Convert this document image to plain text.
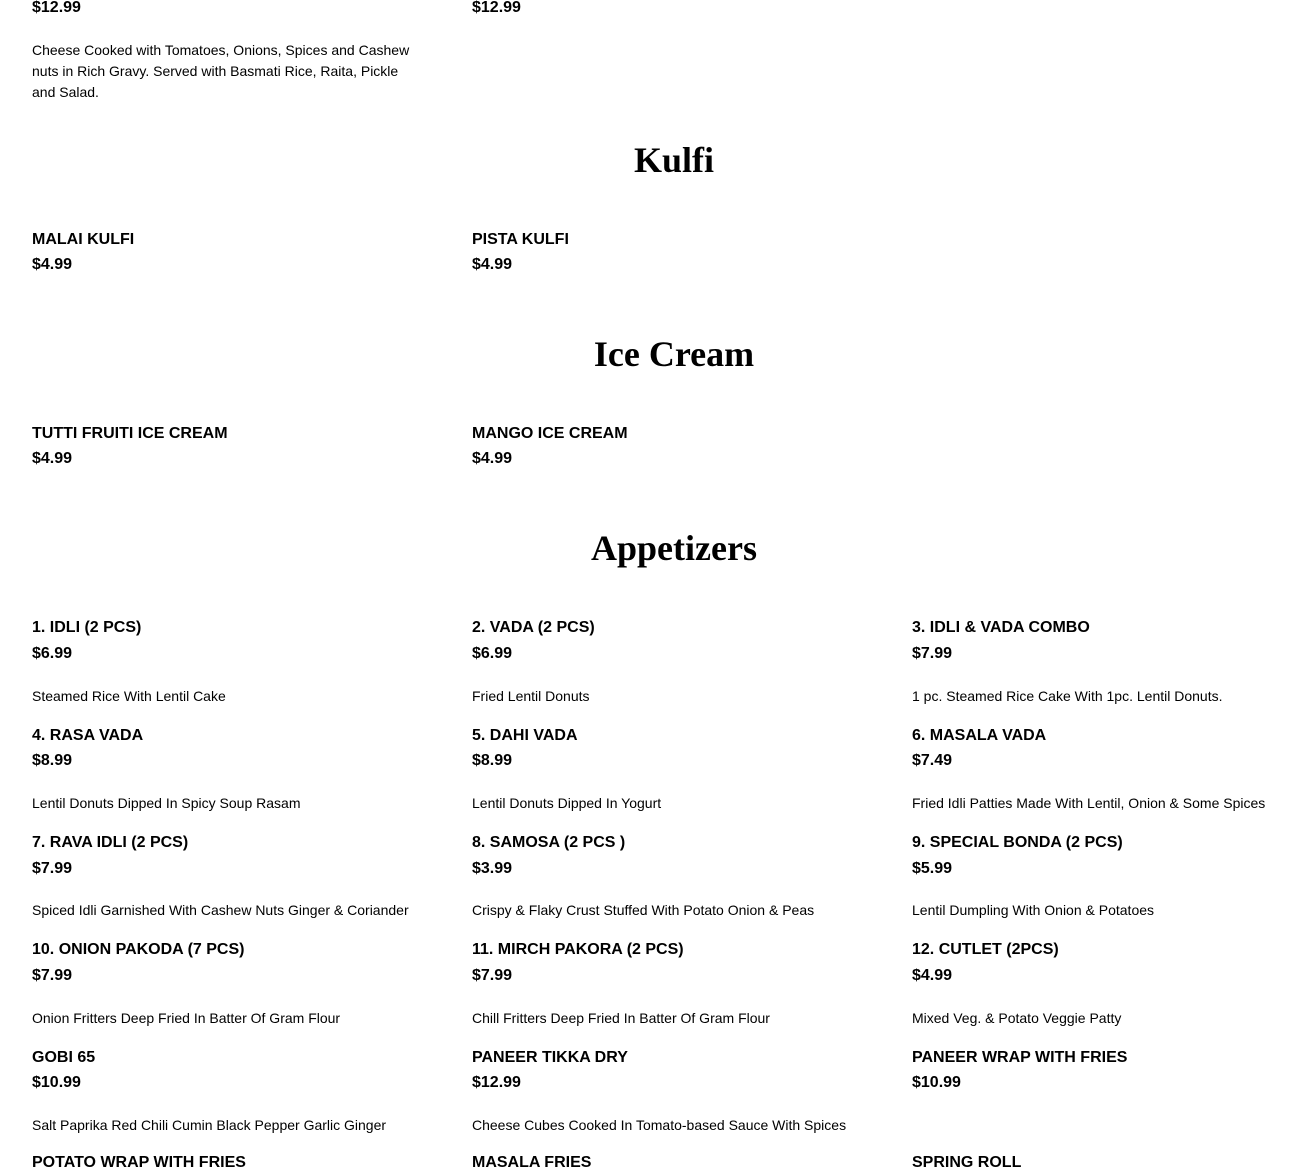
$12.99	$12.99
Cheese Cooked with Tomatoes, Onions, Spices and Cashew nuts in Rich Gravy. Served with Basmati Rice, Raita, Pickle and Salad.
Kulfi
MALAI KULFI
$4.99
PISTA KULFI
$4.99
Ice Cream
TUTTI FRUITI ICE CREAM
$4.99
MANGO ICE CREAM
$4.99
Appetizers
1. IDLI (2 PCS)
$6.99
Steamed Rice With Lentil Cake
2. VADA (2 PCS)
$6.99
Fried Lentil Donuts
3. IDLI & VADA COMBO
$7.99
1 pc. Steamed Rice Cake With 1pc. Lentil Donuts.
4. RASA VADA
$8.99
Lentil Donuts Dipped In Spicy Soup Rasam
5. DAHI VADA
$8.99
Lentil Donuts Dipped In Yogurt
6. MASALA VADA
$7.49
Fried Idli Patties Made With Lentil, Onion & Some Spices
7. RAVA IDLI (2 PCS)
$7.99
Spiced Idli Garnished With Cashew Nuts Ginger & Coriander
8. SAMOSA (2 PCS )
$3.99
Crispy & Flaky Crust Stuffed With Potato Onion & Peas
9. SPECIAL BONDA (2 PCS)
$5.99
Lentil Dumpling With Onion & Potatoes
10. ONION PAKODA (7 PCS)
$7.99
Onion Fritters Deep Fried In Batter Of Gram Flour
11. MIRCH PAKORA (2 PCS)
$7.99
Chill Fritters Deep Fried In Batter Of Gram Flour
12. CUTLET (2PCS)
$4.99
Mixed Veg. & Potato Veggie Patty
GOBI 65
$10.99
Salt Paprika Red Chili Cumin Black Pepper Garlic Ginger
PANEER TIKKA DRY
$12.99
Cheese Cubes Cooked In Tomato-based Sauce With Spices
PANEER WRAP WITH FRIES
$10.99
POTATO WRAP WITH FRIES	MASALA FRIES	SPRING ROLL
